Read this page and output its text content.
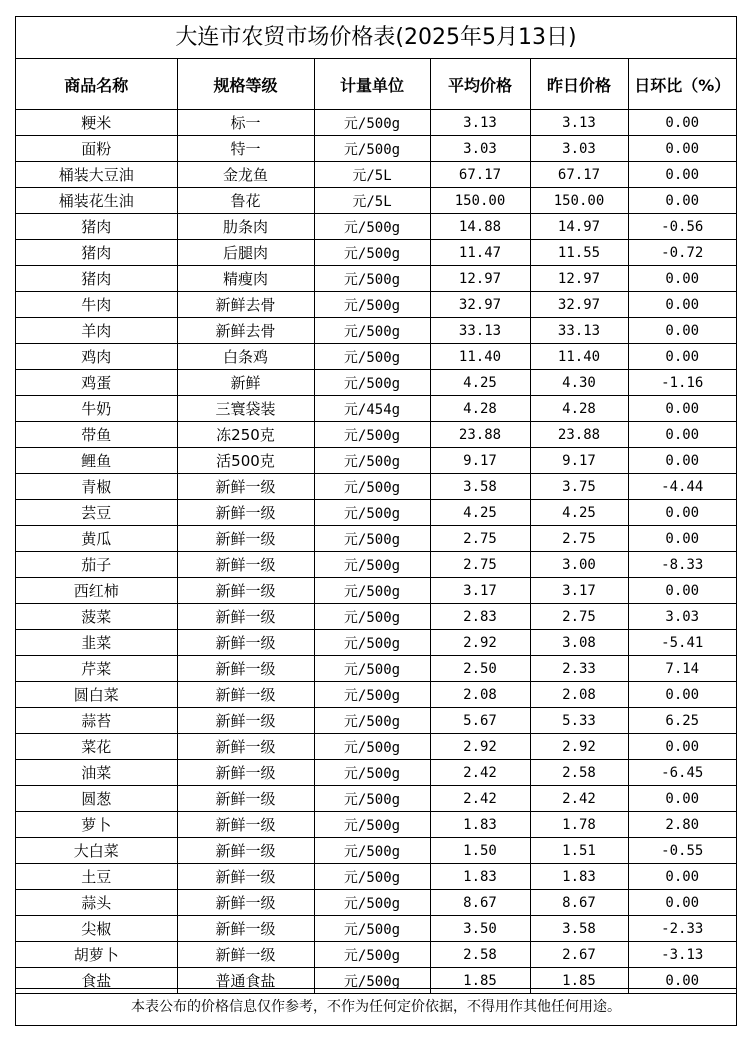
大连市农贸市场价格表(2025年5月13日)
商品名称	规格等级	计量单位	平均价格	昨日价格	日环比（%）
粳米	标一	元/500g	3.13	3.13	0.00
面粉	特一	元/500g	3.03	3.03	0.00
桶装大豆油	金龙鱼	元/5L	67.17	67.17	0.00
桶装花生油	鲁花	元/5L	150.00	150.00	0.00
猪肉	肋条肉	元/500g	14.88	14.97	-0.56
猪肉	后腿肉	元/500g	11.47	11.55	-0.72
猪肉	精瘦肉	元/500g	12.97	12.97	0.00
牛肉	新鲜去骨	元/500g	32.97	32.97	0.00
羊肉	新鲜去骨	元/500g	33.13	33.13	0.00
鸡肉	白条鸡	元/500g	11.40	11.40	0.00
鸡蛋	新鲜	元/500g	4.25	4.30	-1.16
牛奶	三寰袋装	元/454g	4.28	4.28	0.00
带鱼	冻250克	元/500g	23.88	23.88	0.00
鲤鱼	活500克	元/500g	9.17	9.17	0.00
青椒	新鲜一级	元/500g	3.58	3.75	-4.44
芸豆	新鲜一级	元/500g	4.25	4.25	0.00
黄瓜	新鲜一级	元/500g	2.75	2.75	0.00
茄子	新鲜一级	元/500g	2.75	3.00	-8.33
西红柿	新鲜一级	元/500g	3.17	3.17	0.00
菠菜	新鲜一级	元/500g	2.83	2.75	3.03
韭菜	新鲜一级	元/500g	2.92	3.08	-5.41
芹菜	新鲜一级	元/500g	2.50	2.33	7.14
圆白菜	新鲜一级	元/500g	2.08	2.08	0.00
蒜苔	新鲜一级	元/500g	5.67	5.33	6.25
菜花	新鲜一级	元/500g	2.92	2.92	0.00
油菜	新鲜一级	元/500g	2.42	2.58	-6.45
圆葱	新鲜一级	元/500g	2.42	2.42	0.00
萝卜	新鲜一级	元/500g	1.83	1.78	2.80
大白菜	新鲜一级	元/500g	1.50	1.51	-0.55
土豆	新鲜一级	元/500g	1.83	1.83	0.00
蒜头	新鲜一级	元/500g	8.67	8.67	0.00
尖椒	新鲜一级	元/500g	3.50	3.58	-2.33
胡萝卜	新鲜一级	元/500g	2.58	2.67	-3.13
食盐	普通食盐	元/500g	1.85	1.85	0.00
本表公布的价格信息仅作参考，不作为任何定价依据，不得用作其他任何用途。
